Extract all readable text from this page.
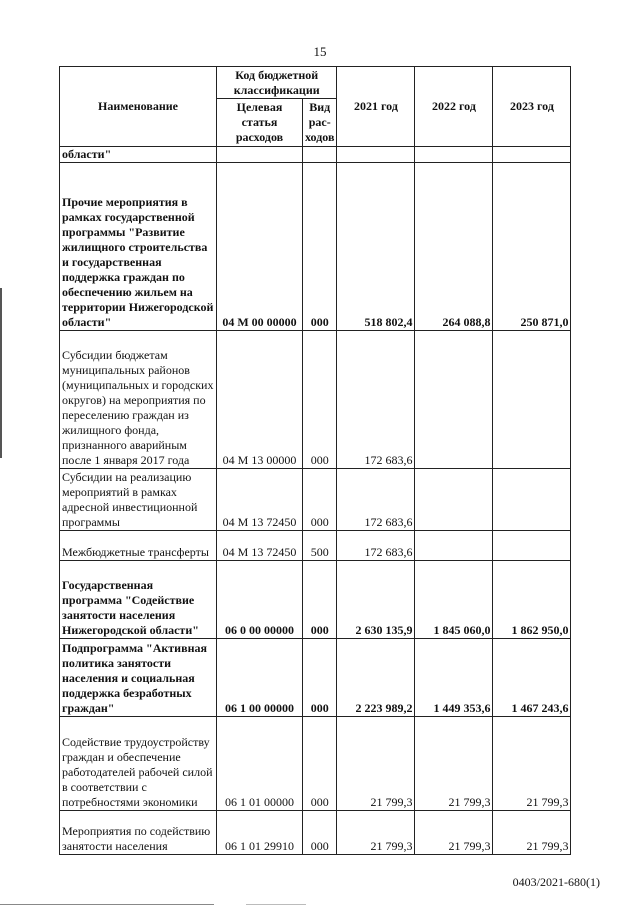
15
Наименование	Код бюджетной классификации		2021 год	2022 год	2023 год
	Целевая статья расходов	Вид рас-ходов			
области"					
Прочие мероприятия в рамках государственной программы "Развитие жилищного строительства и государственная поддержка граждан по обеспечению жильем на территории Нижегородской области"	04 М 00 00000	000	518 802,4	264 088,8	250 871,0
Субсидии бюджетам муниципальных районов (муниципальных и городских округов) на мероприятия по переселению граждан из жилищного фонда, признанного аварийным после 1 января 2017 года	04 М 13 00000	000	172 683,6		
Субсидии на реализацию мероприятий в рамках адресной инвестиционной программы	04 М 13 72450	000	172 683,6		
Межбюджетные трансферты	04 М 13 72450	500	172 683,6		
Государственная программа "Содействие занятости населения Нижегородской области"	06 0 00 00000	000	2 630 135,9	1 845 060,0	1 862 950,0
Подпрограмма "Активная политика занятости населения и социальная поддержка безработных граждан"	06 1 00 00000	000	2 223 989,2	1 449 353,6	1 467 243,6
Содействие трудоустройству граждан и обеспечение работодателей рабочей силой в соответствии с потребностями экономики	06 1 01 00000	000	21 799,3	21 799,3	21 799,3
Мероприятия по содействию занятости населения	06 1 01 29910	000	21 799,3	21 799,3	21 799,3
0403/2021-680(1)
